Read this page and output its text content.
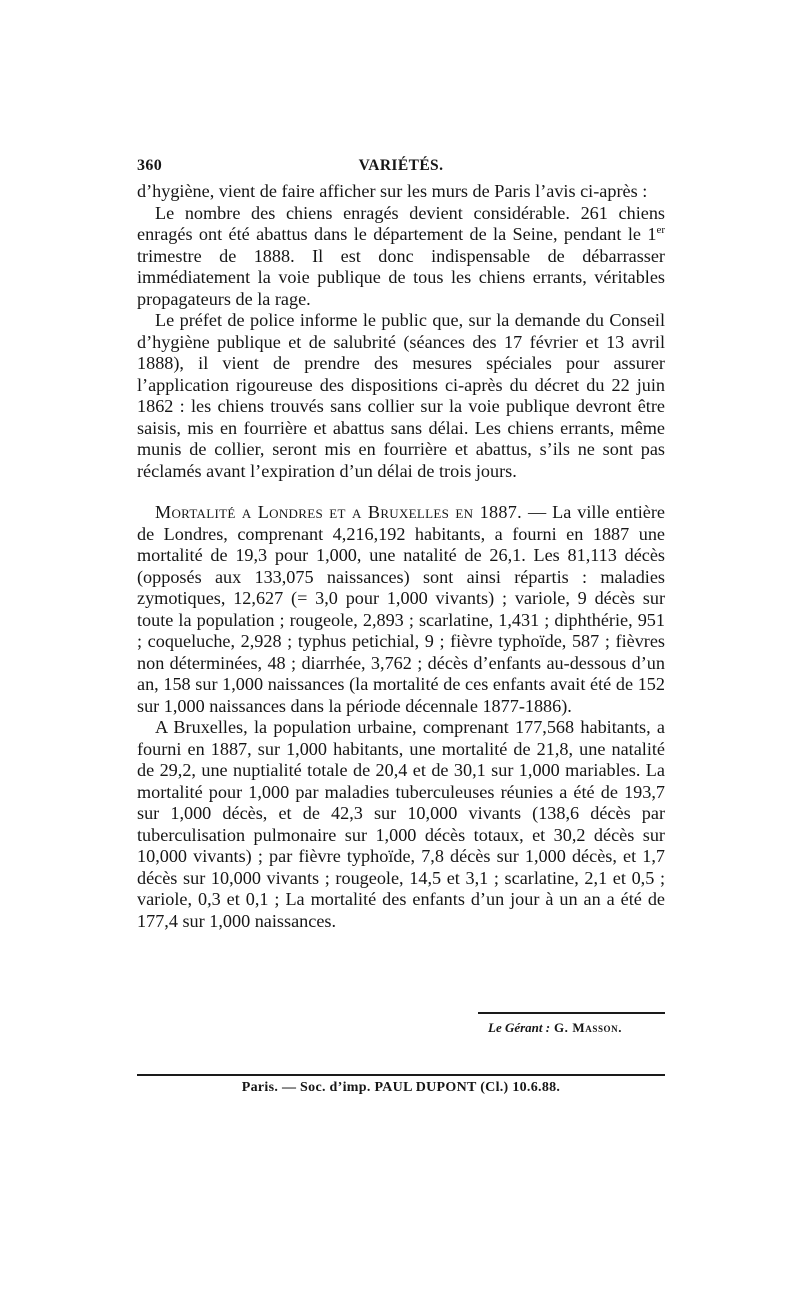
360	VARIÉTÉS.

d’hygiène, vient de faire afficher sur les murs de Paris l’avis ci-après :

Le nombre des chiens enragés devient considérable. 261 chiens enragés ont été abattus dans le département de la Seine, pendant le 1er trimestre de 1888. Il est donc indispensable de débarrasser immédiatement la voie publique de tous les chiens errants, véritables propagateurs de la rage.

Le préfet de police informe le public que, sur la demande du Conseil d’hygiène publique et de salubrité (séances des 17 février et 13 avril 1888), il vient de prendre des mesures spéciales pour assurer l’application rigoureuse des dispositions ci-après du décret du 22 juin 1862 : les chiens trouvés sans collier sur la voie publique devront être saisis, mis en fourrière et abattus sans délai. Les chiens errants, même munis de collier, seront mis en fourrière et abattus, s’ils ne sont pas réclamés avant l’expiration d’un délai de trois jours.

Mortalité a Londres et a Bruxelles en 1887. — La ville entière de Londres, comprenant 4,216,192 habitants, a fourni en 1887 une mortalité de 19,3 pour 1,000, une natalité de 26,1. Les 81,113 décès (opposés aux 133,075 naissances) sont ainsi répartis : maladies zymotiques, 12,627 (= 3,0 pour 1,000 vivants) ; variole, 9 décès sur toute la population ; rougeole, 2,893 ; scarlatine, 1,431 ; diphthérie, 951 ; coqueluche, 2,928 ; typhus petichial, 9 ; fièvre typhoïde, 587 ; fièvres non déterminées, 48 ; diarrhée, 3,762 ; décès d’enfants au-dessous d’un an, 158 sur 1,000 naissances (la mortalité de ces enfants avait été de 152 sur 1,000 naissances dans la période décennale 1877-1886).

A Bruxelles, la population urbaine, comprenant 177,568 habitants, a fourni en 1887, sur 1,000 habitants, une mortalité de 21,8, une natalité de 29,2, une nuptialité totale de 20,4 et de 30,1 sur 1,000 mariables. La mortalité pour 1,000 par maladies tuberculeuses réunies a été de 193,7 sur 1,000 décès, et de 42,3 sur 10,000 vivants (138,6 décès par tuberculisation pulmonaire sur 1,000 décès totaux, et 30,2 décès sur 10,000 vivants) ; par fièvre typhoïde, 7,8 décès sur 1,000 décès, et 1,7 décès sur 10,000 vivants ; rougeole, 14,5 et 3,1 ; scarlatine, 2,1 et 0,5 ; variole, 0,3 et 0,1 ; La mortalité des enfants d’un jour à un an a été de 177,4 sur 1,000 naissances.

Le Gérant : G. Masson.
Paris. — Soc. d’imp. PAUL DUPONT (Cl.) 10.6.88.
